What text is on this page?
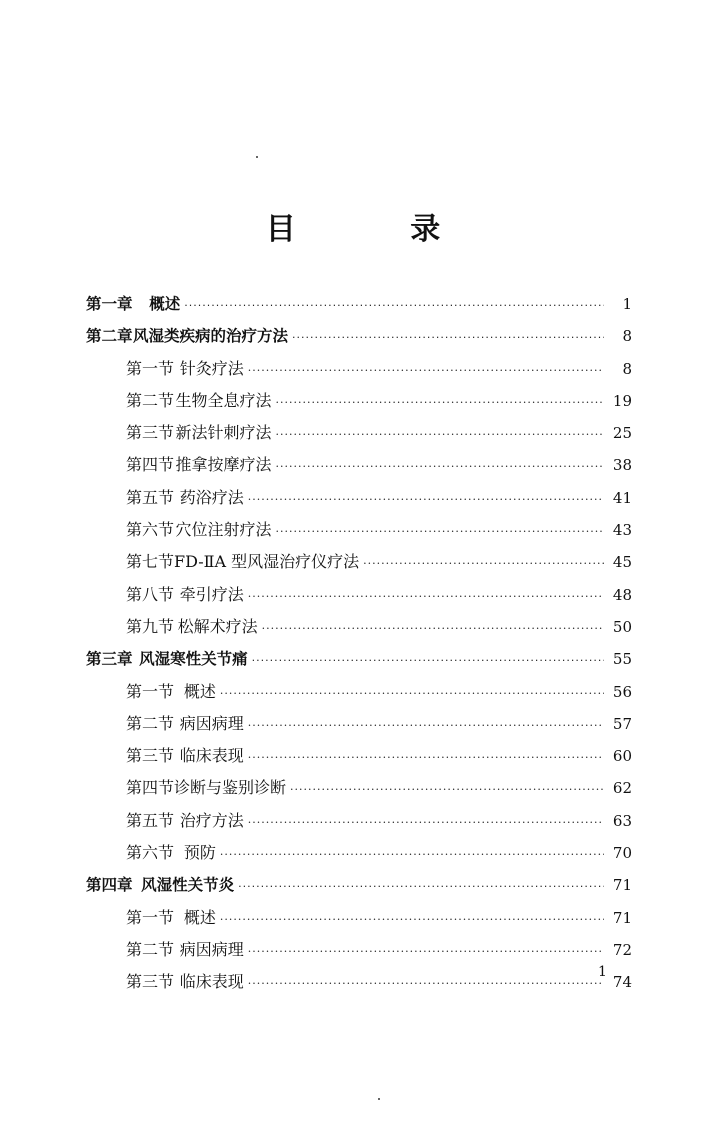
目 录
第一章	概述 ·····	1
第二章 风湿类疾病的治疗方法 ·····	8
第一节 针灸疗法 ·····	8
第二节 生物全息疗法 ·····	19
第三节 新法针刺疗法 ·····	25
第四节 推拿按摩疗法 ·····	38
第五节 药浴疗法 ·····	41
第六节 穴位注射疗法 ·····	43
第七节 FD-ⅡA 型风湿治疗仪疗法 ·····	45
第八节 牵引疗法 ·····	48
第九节 松解术疗法 ·····	50
第三章 风湿寒性关节痛 ·····	55
第一节 概述 ·····	56
第二节 病因病理 ·····	57
第三节 临床表现 ·····	60
第四节 诊断与鉴别诊断 ·····	62
第五节 治疗方法 ·····	63
第六节 预防 ·····	70
第四章 风湿性关节炎 ·····	71
第一节 概述 ·····	71
第二节 病因病理 ·····	72
第三节 临床表现 ·····	74
1
